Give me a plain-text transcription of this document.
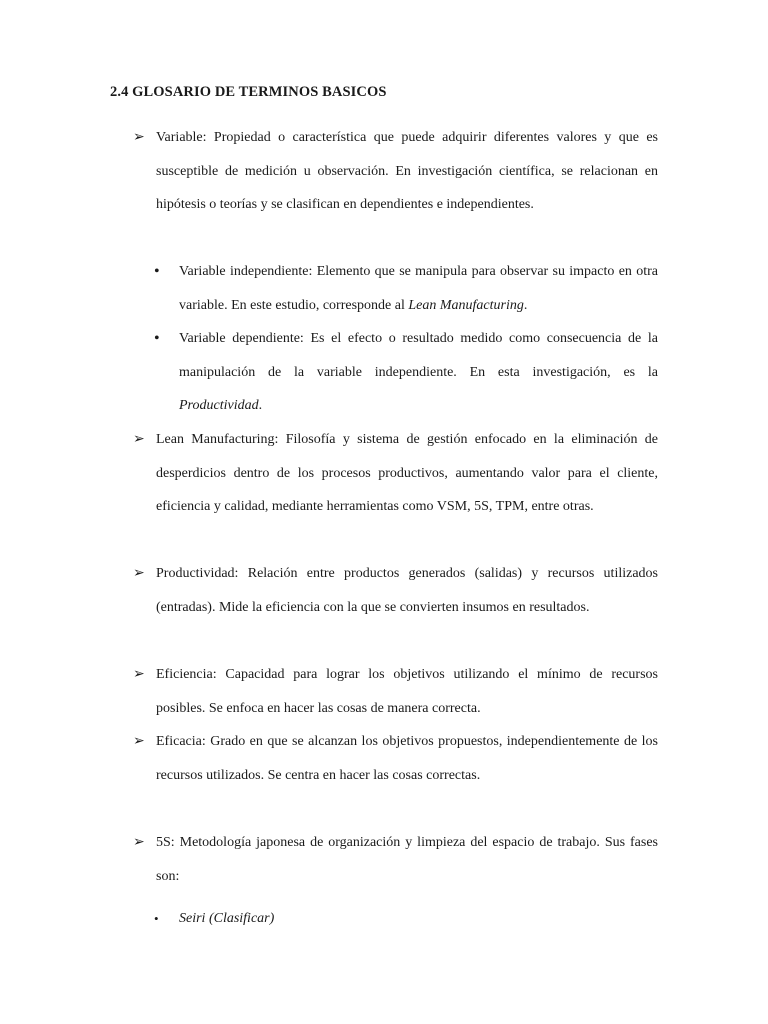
2.4 GLOSARIO DE TERMINOS BASICOS
➢ Variable: Propiedad o característica que puede adquirir diferentes valores y que es susceptible de medición u observación. En investigación científica, se relacionan en hipótesis o teorías y se clasifican en dependientes e independientes.
• Variable independiente: Elemento que se manipula para observar su impacto en otra variable. En este estudio, corresponde al Lean Manufacturing.
• Variable dependiente: Es el efecto o resultado medido como consecuencia de la manipulación de la variable independiente. En esta investigación, es la Productividad.
➢ Lean Manufacturing: Filosofía y sistema de gestión enfocado en la eliminación de desperdicios dentro de los procesos productivos, aumentando valor para el cliente, eficiencia y calidad, mediante herramientas como VSM, 5S, TPM, entre otras.
➢ Productividad: Relación entre productos generados (salidas) y recursos utilizados (entradas). Mide la eficiencia con la que se convierten insumos en resultados.
➢ Eficiencia: Capacidad para lograr los objetivos utilizando el mínimo de recursos posibles. Se enfoca en hacer las cosas de manera correcta.
➢ Eficacia: Grado en que se alcanzan los objetivos propuestos, independientemente de los recursos utilizados. Se centra en hacer las cosas correctas.
➢ 5S: Metodología japonesa de organización y limpieza del espacio de trabajo. Sus fases son:
• Seiri (Clasificar)
